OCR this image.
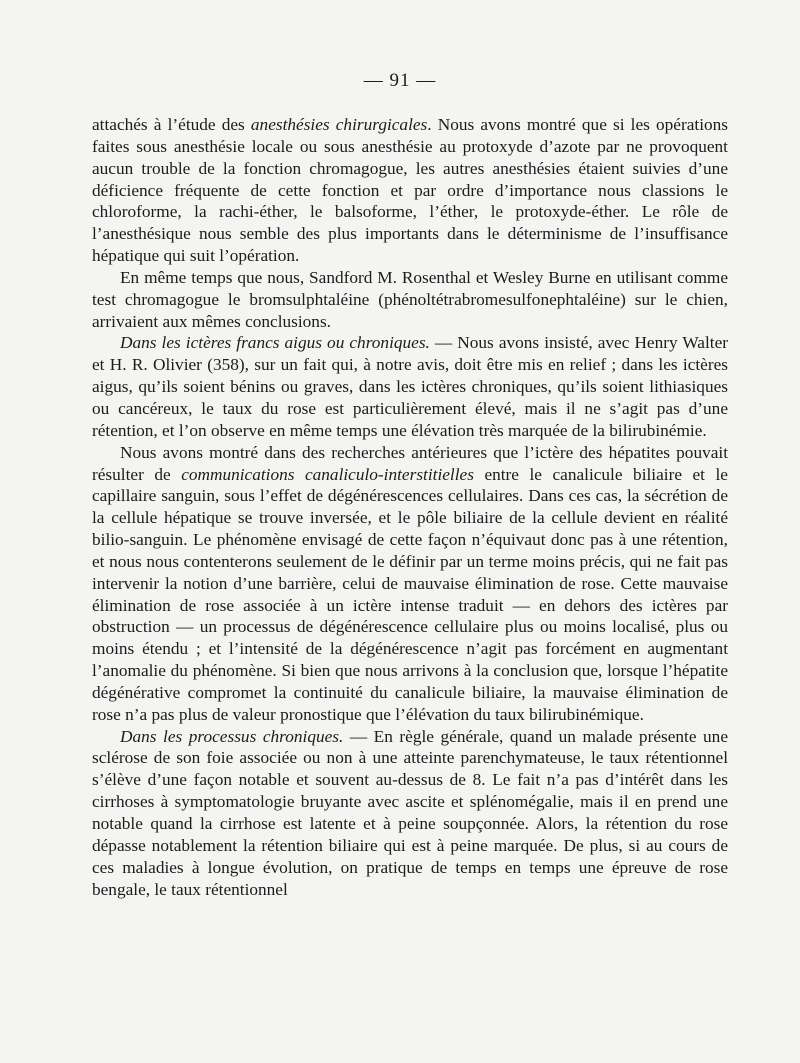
— 91 —

attachés à l’étude des anesthésies chirurgicales. Nous avons montré que si les opérations faites sous anesthésie locale ou sous anesthésie au protoxyde d’azote par ne provoquent aucun trouble de la fonction chromagogue, les autres anesthésies étaient suivies d’une déficience fréquente de cette fonction et par ordre d’importance nous classions le chloroforme, la rachi-éther, le balsoforme, l’éther, le protoxyde-éther. Le rôle de l’anesthésique nous semble des plus importants dans le déterminisme de l’insuffisance hépatique qui suit l’opération.

En même temps que nous, Sandford M. Rosenthal et Wesley Burne en utilisant comme test chromagogue le bromsulphtaléine (phénoltétrabromesulfonephtaléine) sur le chien, arrivaient aux mêmes conclusions.

Dans les ictères francs aigus ou chroniques. — Nous avons insisté, avec Henry Walter et H. R. Olivier (358), sur un fait qui, à notre avis, doit être mis en relief ; dans les ictères aigus, qu’ils soient bénins ou graves, dans les ictères chroniques, qu’ils soient lithiasiques ou cancéreux, le taux du rose est particulièrement élevé, mais il ne s’agit pas d’une rétention, et l’on observe en même temps une élévation très marquée de la bilirubinémie.

Nous avons montré dans des recherches antérieures que l’ictère des hépatites pouvait résulter de communications canaliculo-interstitielles entre le canalicule biliaire et le capillaire sanguin, sous l’effet de dégénérescences cellulaires. Dans ces cas, la sécrétion de la cellule hépatique se trouve inversée, et le pôle biliaire de la cellule devient en réalité bilio-sanguin. Le phénomène envisagé de cette façon n’équivaut donc pas à une rétention, et nous nous contenterons seulement de le définir par un terme moins précis, qui ne fait pas intervenir la notion d’une barrière, celui de mauvaise élimination de rose. Cette mauvaise élimination de rose associée à un ictère intense traduit — en dehors des ictères par obstruction — un processus de dégénérescence cellulaire plus ou moins localisé, plus ou moins étendu ; et l’intensité de la dégénérescence n’agit pas forcément en augmentant l’anomalie du phénomène. Si bien que nous arrivons à la conclusion que, lorsque l’hépatite dégénérative compromet la continuité du canalicule biliaire, la mauvaise élimination de rose n’a pas plus de valeur pronostique que l’élévation du taux bilirubinémique.

Dans les processus chroniques. — En règle générale, quand un malade présente une sclérose de son foie associée ou non à une atteinte parenchymateuse, le taux rétentionnel s’élève d’une façon notable et souvent au-dessus de 8. Le fait n’a pas d’intérêt dans les cirrhoses à symptomatologie bruyante avec ascite et splénomégalie, mais il en prend une notable quand la cirrhose est latente et à peine soupçonnée. Alors, la rétention du rose dépasse notablement la rétention biliaire qui est à peine marquée. De plus, si au cours de ces maladies à longue évolution, on pratique de temps en temps une épreuve de rose bengale, le taux rétentionnel
